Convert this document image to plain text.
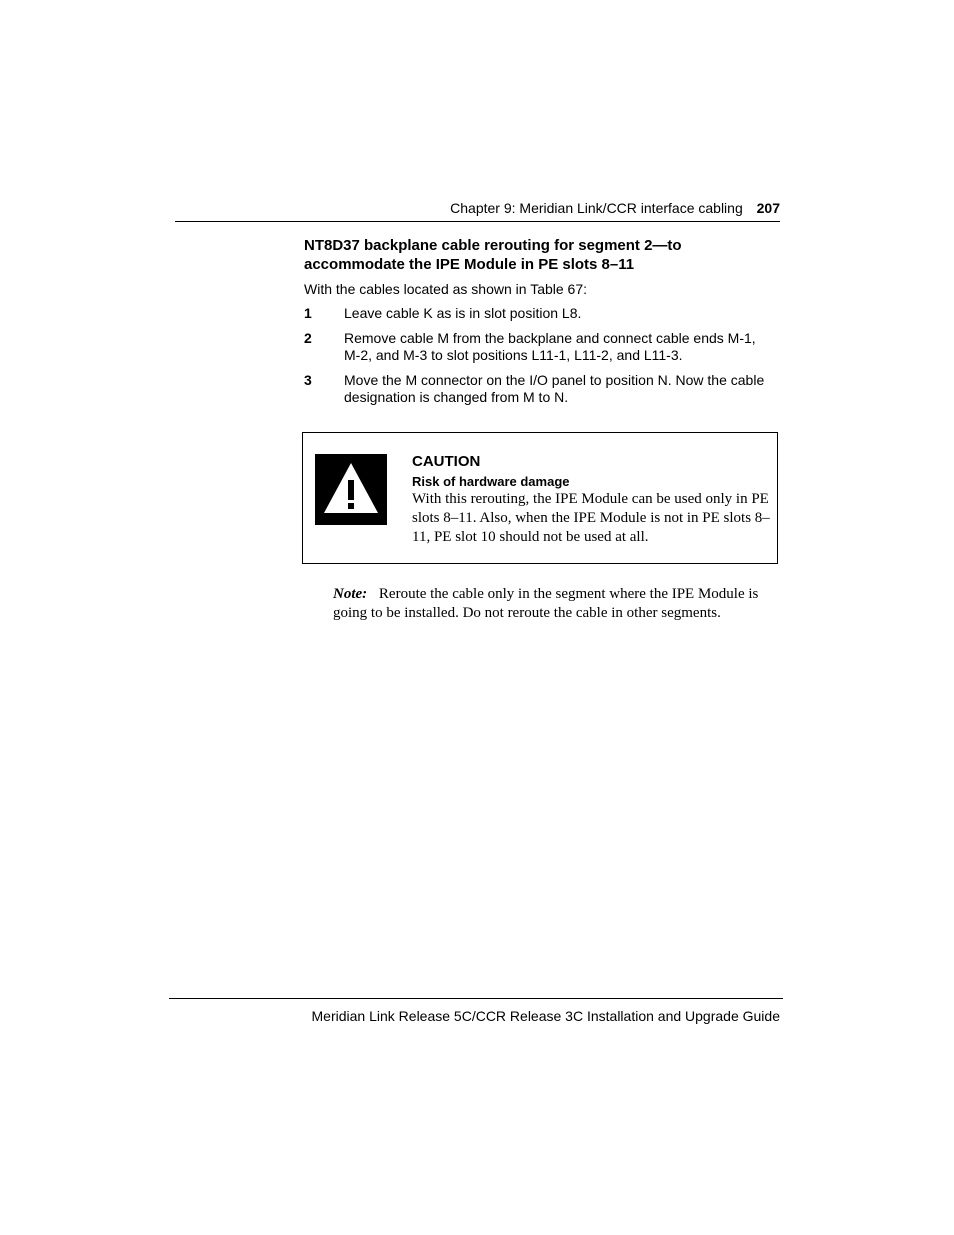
Chapter 9: Meridian Link/CCR interface cabling 207
NT8D37 backplane cable rerouting for segment 2—to
accommodate the IPE Module in PE slots 8–11
With the cables located as shown in Table 67:
1	Leave cable K as is in slot position L8.
2	Remove cable M from the backplane and connect cable ends M-1, M-2, and M-3 to slot positions L11-1, L11-2, and L11-3.
3	Move the M connector on the I/O panel to position N. Now the cable designation is changed from M to N.
CAUTION
Risk of hardware damage
With this rerouting, the IPE Module can be used only in PE slots 8–11. Also, when the IPE Module is not in PE slots 8–11, PE slot 10 should not be used at all.
Note: Reroute the cable only in the segment where the IPE Module is going to be installed. Do not reroute the cable in other segments.
Meridian Link Release 5C/CCR Release 3C Installation and Upgrade Guide
